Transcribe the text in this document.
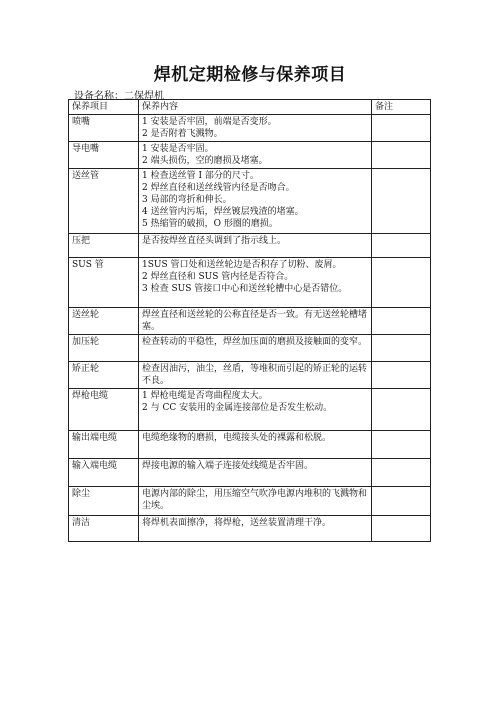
焊机定期检修与保养项目
设备名称：二保焊机
保养项目	保养内容	备注
喷嘴	1 安装是否牢固，前端是否变形。
2 是否附着飞溅物。	

导电嘴	1 安装是否牢固。
2 端头损伤，空的磨损及堵塞。	

送丝管	1 检查送丝管 I 部分的尺寸。
2 焊丝直径和送丝线管内径是否吻合。
3 局部的弯折和伸长。
4 送丝管内污垢，焊丝镀层残渣的堵塞。
5 热缩管的破损，O 形圈的磨损。	

压把	是否按焊丝直径头调到了指示线上。	

SUS 管	1SUS 管口处和送丝轮边是否积存了切粉、废屑。
2 焊丝直径和 SUS 管内径是否符合。
3 检查 SUS 管接口中心和送丝轮槽中心是否错位。	

送丝轮	焊丝直径和送丝轮的公称直径是否一致。有无送丝轮槽堵塞。	

加压轮	检查转动的平稳性，焊丝加压面的磨损及接触面的变窄。	

矫正轮	检查因油污，油尘，丝盾，等堆积而引起的矫正轮的运转不良。	

焊枪电缆	1 焊枪电缆是否弯曲程度太大。
2 与 CC 安装用的金属连接部位是否发生松动。	

输出端电缆	电缆绝缘物的磨损，电缆接头处的裸露和松脱。	

输入端电缆	焊接电源的输入端子连接处线缆是否牢固。	

除尘	电源内部的除尘，用压缩空气吹净电源内堆积的飞溅物和尘埃。	

清洁	将焊机表面擦净，将焊枪，送丝装置清理干净。	
